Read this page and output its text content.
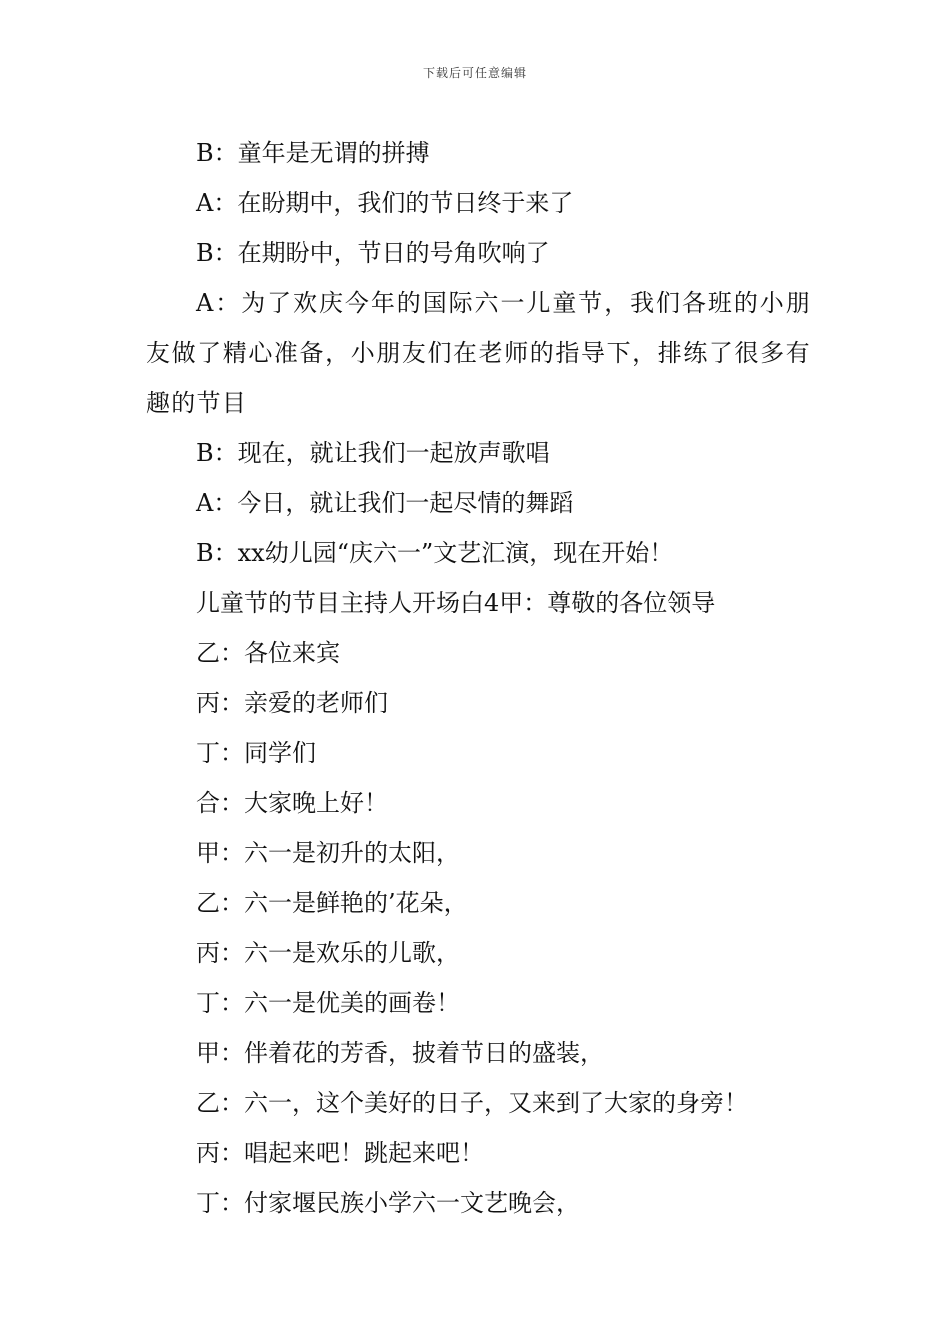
下载后可任意编辑
B：童年是无谓的拼搏
A：在盼期中，我们的节日终于来了
B：在期盼中，节日的号角吹响了
A：为了欢庆今年的国际六一儿童节，我们各班的小朋友做了精心准备，小朋友们在老师的指导下，排练了很多有趣的节目
B：现在，就让我们一起放声歌唱
A：今日，就让我们一起尽情的舞蹈
B：xx幼儿园“庆六一”文艺汇演，现在开始！
儿童节的节目主持人开场白4甲：尊敬的各位领导
乙：各位来宾
丙：亲爱的老师们
丁：同学们
合：大家晚上好！
甲：六一是初升的太阳，
乙：六一是鲜艳的’花朵，
丙：六一是欢乐的儿歌，
丁：六一是优美的画卷！
甲：伴着花的芳香，披着节日的盛装，
乙：六一，这个美好的日子，又来到了大家的身旁！
丙：唱起来吧！跳起来吧！
丁：付家堰民族小学六一文艺晚会，
